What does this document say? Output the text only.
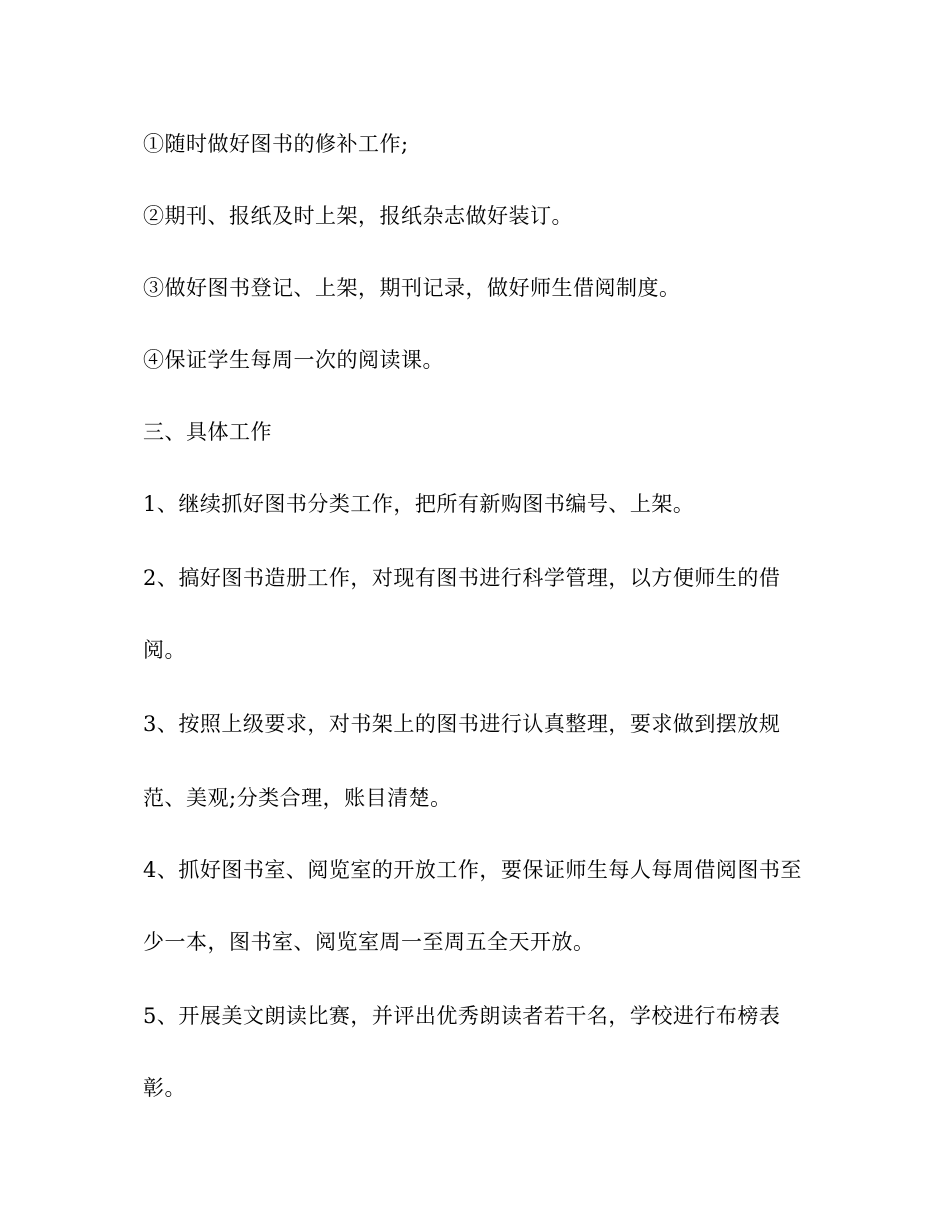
①随时做好图书的修补工作;
②期刊、报纸及时上架，报纸杂志做好装订。
③做好图书登记、上架，期刊记录，做好师生借阅制度。
④保证学生每周一次的阅读课。
三、具体工作
1、继续抓好图书分类工作，把所有新购图书编号、上架。
2、搞好图书造册工作，对现有图书进行科学管理，以方便师生的借
阅。
3、按照上级要求，对书架上的图书进行认真整理，要求做到摆放规
范、美观;分类合理，账目清楚。
4、抓好图书室、阅览室的开放工作，要保证师生每人每周借阅图书至
少一本，图书室、阅览室周一至周五全天开放。
5、开展美文朗读比赛，并评出优秀朗读者若干名，学校进行布榜表
彰。
